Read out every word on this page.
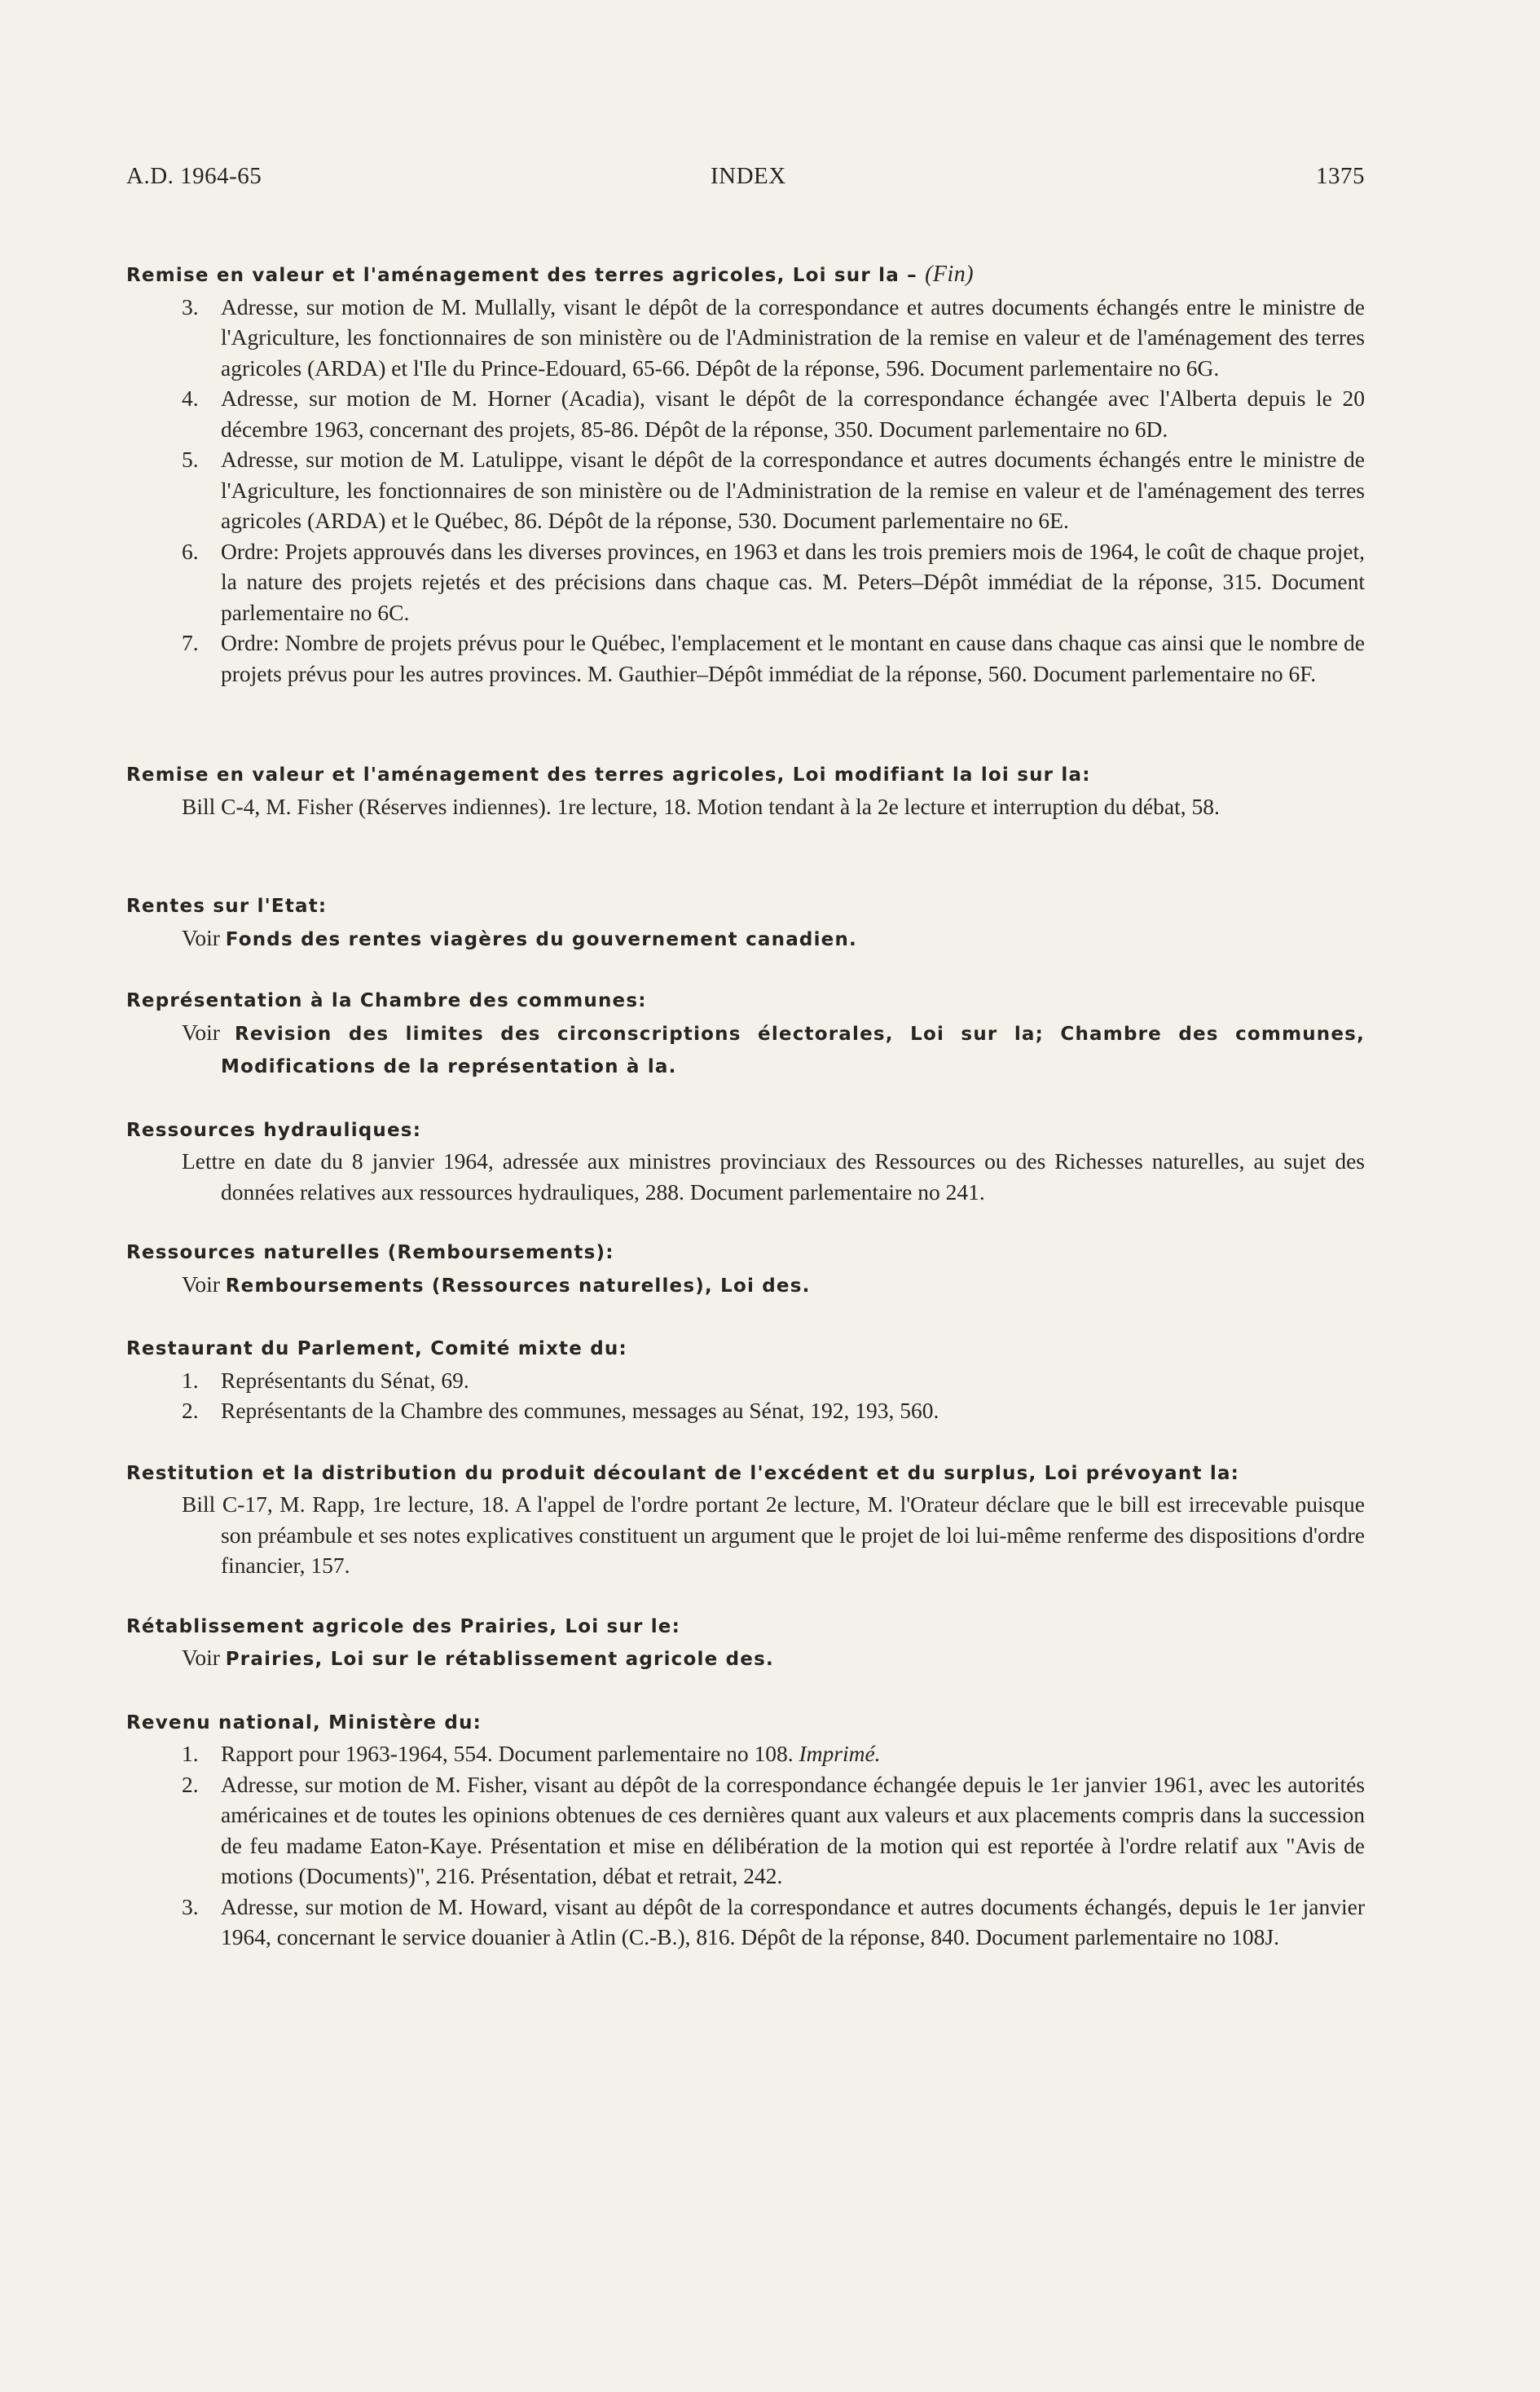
A.D. 1964-65	INDEX	1375
Remise en valeur et l'aménagement des terres agricoles, Loi sur la – (Fin)
3. Adresse, sur motion de M. Mullally, visant le dépôt de la correspondance et autres documents échangés entre le ministre de l'Agriculture, les fonctionnaires de son ministère ou de l'Administration de la remise en valeur et de l'aménagement des terres agricoles (ARDA) et l'Ile du Prince-Edouard, 65-66. Dépôt de la réponse, 596. Document parlementaire no 6G.
4. Adresse, sur motion de M. Horner (Acadia), visant le dépôt de la correspondance échangée avec l'Alberta depuis le 20 décembre 1963, concernant des projets, 85-86. Dépôt de la réponse, 350. Document parlementaire no 6D.
5. Adresse, sur motion de M. Latulippe, visant le dépôt de la correspondance et autres documents échangés entre le ministre de l'Agriculture, les fonctionnaires de son ministère ou de l'Administration de la remise en valeur et de l'aménagement des terres agricoles (ARDA) et le Québec, 86. Dépôt de la réponse, 530. Document parlementaire no 6E.
6. Ordre: Projets approuvés dans les diverses provinces, en 1963 et dans les trois premiers mois de 1964, le coût de chaque projet, la nature des projets rejetés et des précisions dans chaque cas. M. Peters–Dépôt immédiat de la réponse, 315. Document parlementaire no 6C.
7. Ordre: Nombre de projets prévus pour le Québec, l'emplacement et le montant en cause dans chaque cas ainsi que le nombre de projets prévus pour les autres provinces. M. Gauthier–Dépôt immédiat de la réponse, 560. Document parlementaire no 6F.
Remise en valeur et l'aménagement des terres agricoles, Loi modifiant la loi sur la:
Bill C-4, M. Fisher (Réserves indiennes). 1re lecture, 18. Motion tendant à la 2e lecture et interruption du débat, 58.
Rentes sur l'Etat:
Voir Fonds des rentes viagères du gouvernement canadien.
Représentation à la Chambre des communes:
Voir Revision des limites des circonscriptions électorales, Loi sur la; Chambre des communes, Modifications de la représentation à la.
Ressources hydrauliques:
Lettre en date du 8 janvier 1964, adressée aux ministres provinciaux des Ressources ou des Richesses naturelles, au sujet des données relatives aux ressources hydrauliques, 288. Document parlementaire no 241.
Ressources naturelles (Remboursements):
Voir Remboursements (Ressources naturelles), Loi des.
Restaurant du Parlement, Comité mixte du:
1. Représentants du Sénat, 69.
2. Représentants de la Chambre des communes, messages au Sénat, 192, 193, 560.
Restitution et la distribution du produit découlant de l'excédent et du surplus, Loi prévoyant la:
Bill C-17, M. Rapp, 1re lecture, 18. A l'appel de l'ordre portant 2e lecture, M. l'Orateur déclare que le bill est irrecevable puisque son préambule et ses notes explicatives constituent un argument que le projet de loi lui-même renferme des dispositions d'ordre financier, 157.
Rétablissement agricole des Prairies, Loi sur le:
Voir Prairies, Loi sur le rétablissement agricole des.
Revenu national, Ministère du:
1. Rapport pour 1963-1964, 554. Document parlementaire no 108. Imprimé.
2. Adresse, sur motion de M. Fisher, visant au dépôt de la correspondance échangée depuis le 1er janvier 1961, avec les autorités américaines et de toutes les opinions obtenues de ces dernières quant aux valeurs et aux placements compris dans la succession de feu madame Eaton-Kaye. Présentation et mise en délibération de la motion qui est reportée à l'ordre relatif aux "Avis de motions (Documents)", 216. Présentation, débat et retrait, 242.
3. Adresse, sur motion de M. Howard, visant au dépôt de la correspondance et autres documents échangés, depuis le 1er janvier 1964, concernant le service douanier à Atlin (C.-B.), 816. Dépôt de la réponse, 840. Document parlementaire no 108J.
